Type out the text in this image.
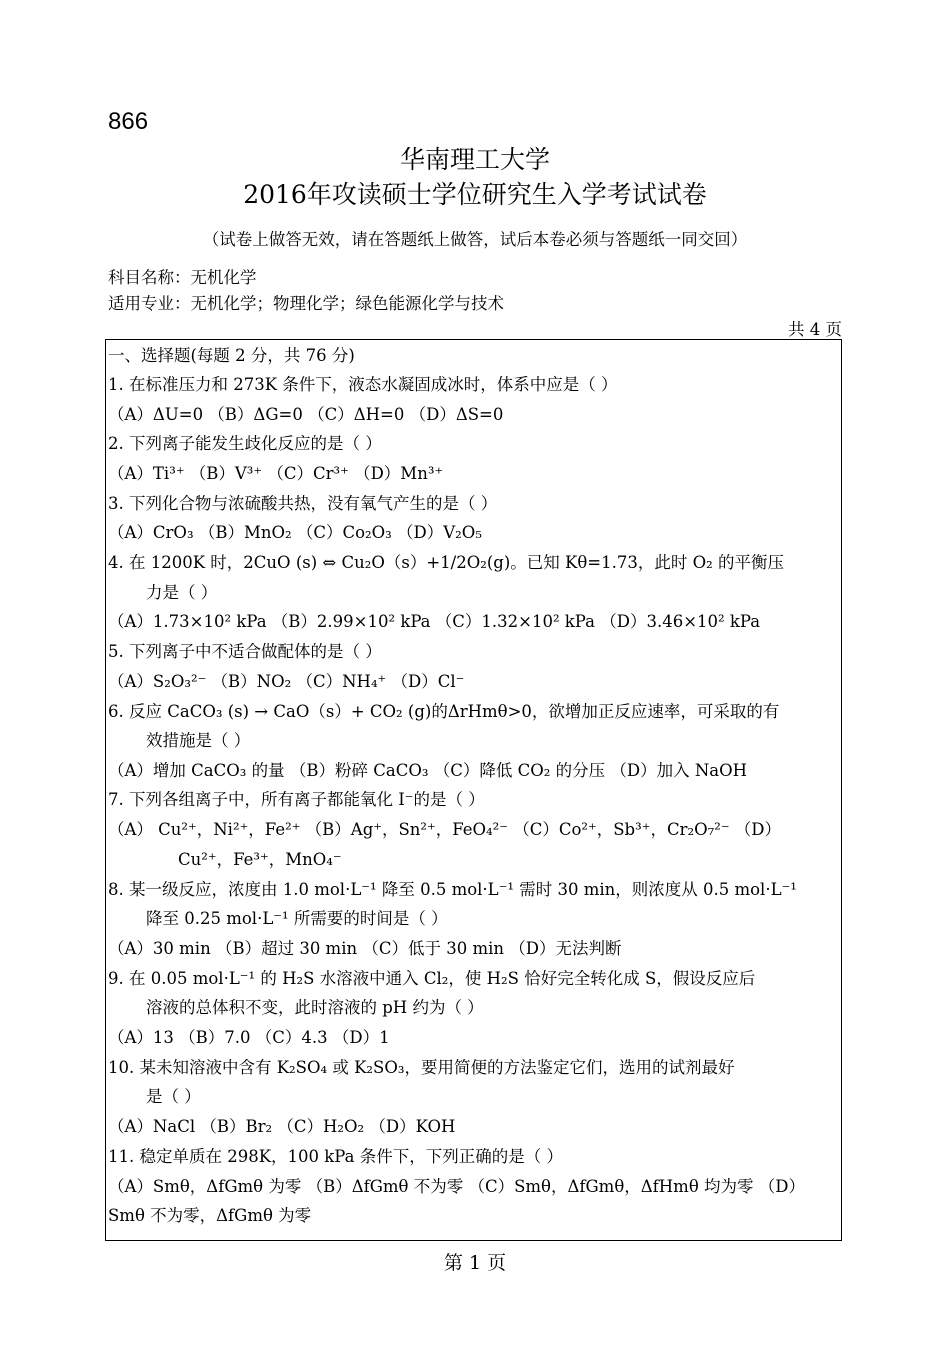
866
华南理工大学
2016年攻读硕士学位研究生入学考试试卷
（试卷上做答无效，请在答题纸上做答，试后本卷必须与答题纸一同交回）
科目名称：无机化学
适用专业：无机化学；物理化学；绿色能源化学与技术
共 4 页
一、选择题(每题 2 分，共 76 分)
1. 在标准压力和 273K 条件下，液态水凝固成冰时，体系中应是（ ）
（A）ΔU=0 （B）ΔG=0 （C）ΔH=0 （D）ΔS=0
2. 下列离子能发生歧化反应的是（ ）
（A）Ti³⁺ （B）V³⁺ （C）Cr³⁺ （D）Mn³⁺
3. 下列化合物与浓硫酸共热，没有氧气产生的是（ ）
（A）CrO₃ （B）MnO₂ （C）Co₂O₃ （D）V₂O₅
4. 在 1200K 时，2CuO (s) ⇔ Cu₂O（s）+1/2O₂(g)。已知 Kθ=1.73，此时 O₂ 的平衡压
力是（ ）
（A）1.73×10² kPa （B）2.99×10² kPa （C）1.32×10² kPa （D）3.46×10² kPa
5. 下列离子中不适合做配体的是（ ）
（A）S₂O₃²⁻ （B）NO₂ （C）NH₄⁺ （D）Cl⁻
6. 反应 CaCO₃ (s) → CaO（s）+ CO₂ (g)的ΔrHmθ>0，欲增加正反应速率，可采取的有
效措施是（ ）
（A）增加 CaCO₃ 的量 （B）粉碎 CaCO₃ （C）降低 CO₂ 的分压 （D）加入 NaOH
7. 下列各组离子中，所有离子都能氧化 I⁻的是（ ）
（A） Cu²⁺，Ni²⁺，Fe²⁺ （B）Ag⁺，Sn²⁺，FeO₄²⁻ （C）Co²⁺，Sb³⁺，Cr₂O₇²⁻ （D）
Cu²⁺，Fe³⁺，MnO₄⁻
8. 某一级反应，浓度由 1.0 mol·L⁻¹ 降至 0.5 mol·L⁻¹ 需时 30 min，则浓度从 0.5 mol·L⁻¹
降至 0.25 mol·L⁻¹ 所需要的时间是（ ）
（A）30 min （B）超过 30 min （C）低于 30 min （D）无法判断
9. 在 0.05 mol·L⁻¹ 的 H₂S 水溶液中通入 Cl₂，使 H₂S 恰好完全转化成 S，假设反应后
溶液的总体积不变，此时溶液的 pH 约为（ ）
（A）13 （B）7.0 （C）4.3 （D）1
10. 某未知溶液中含有 K₂SO₄ 或 K₂SO₃，要用简便的方法鉴定它们，选用的试剂最好
是（ ）
（A）NaCl （B）Br₂ （C）H₂O₂ （D）KOH
11. 稳定单质在 298K，100 kPa 条件下，下列正确的是（ ）
（A）Smθ，ΔfGmθ 为零 （B）ΔfGmθ 不为零 （C）Smθ，ΔfGmθ，ΔfHmθ 均为零 （D）
Smθ 不为零，ΔfGmθ 为零
第 1 页
